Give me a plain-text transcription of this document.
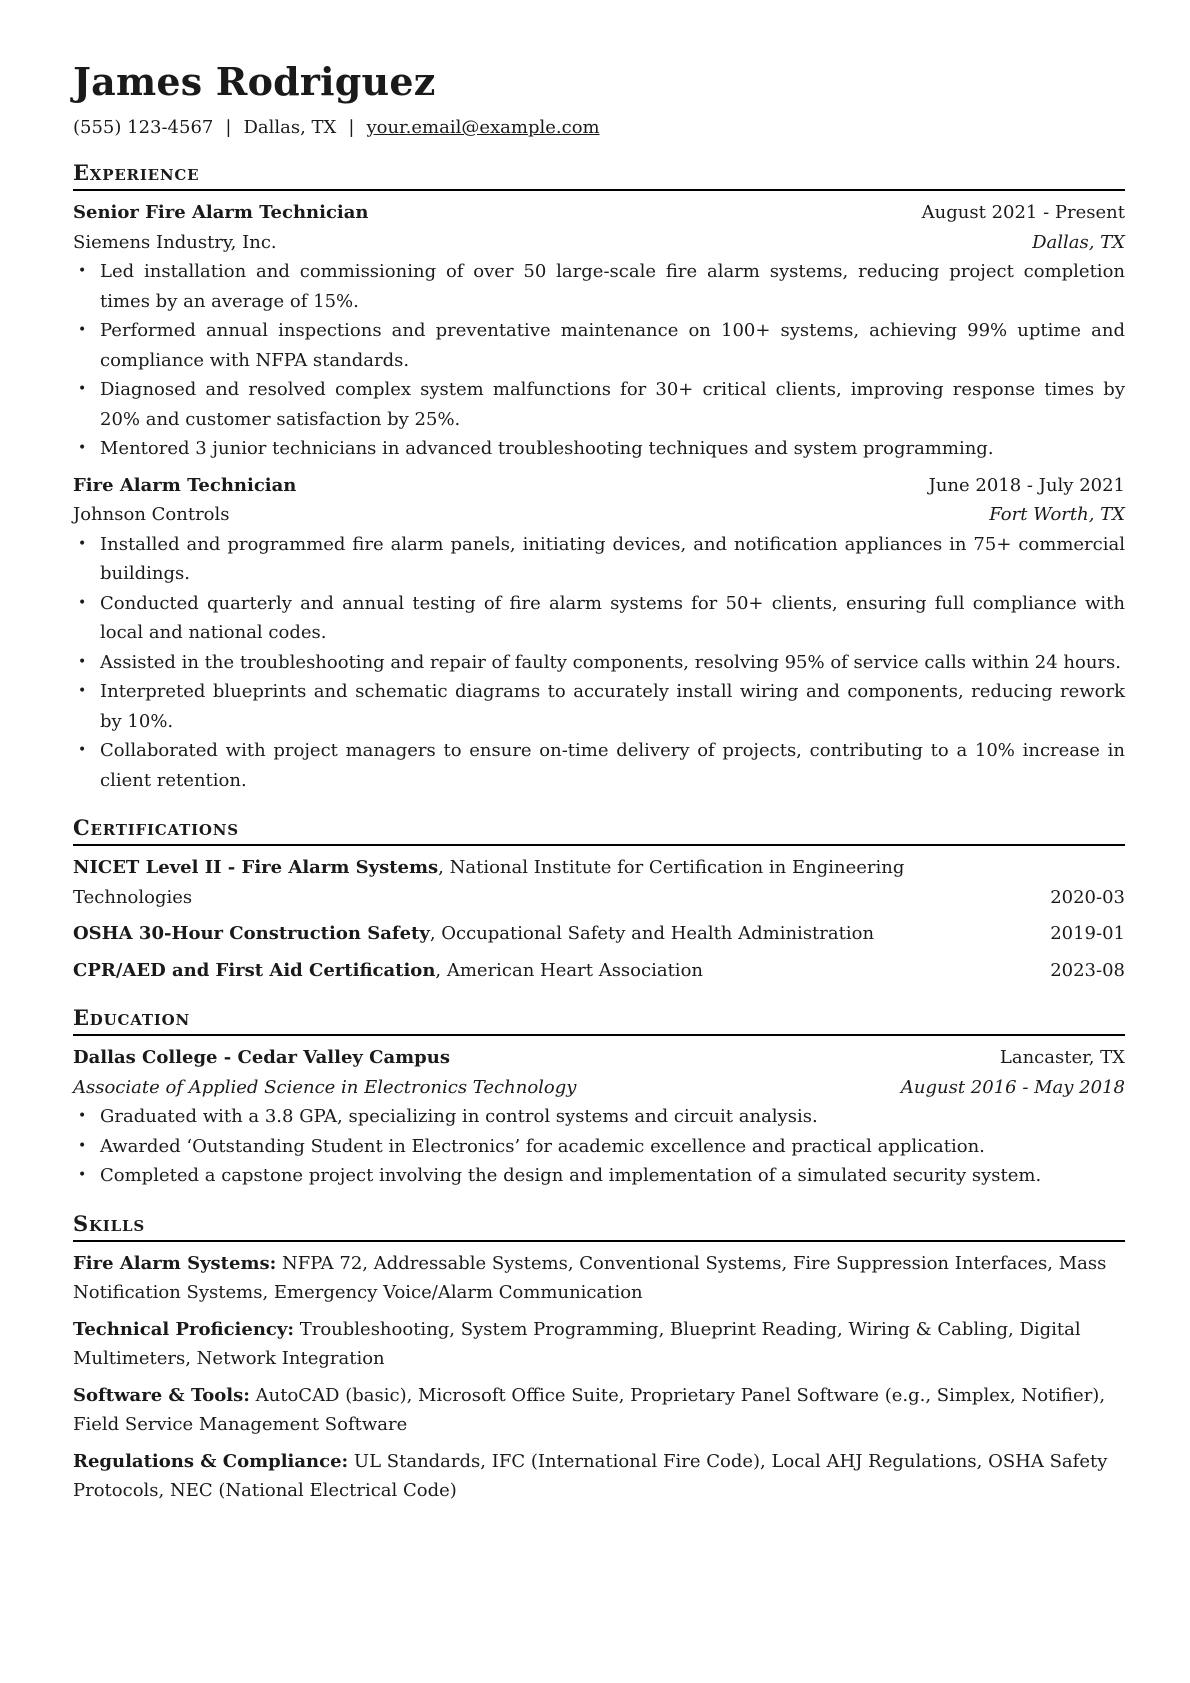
James Rodriguez
(555) 123-4567 | Dallas, TX | your.email@example.com
Experience
Senior Fire Alarm Technician	August 2021 - Present
Siemens Industry, Inc.	Dallas, TX
• Led installation and commissioning of over 50 large-scale fire alarm systems, reducing project completion times by an average of 15%.
• Performed annual inspections and preventative maintenance on 100+ systems, achieving 99% uptime and compliance with NFPA standards.
• Diagnosed and resolved complex system malfunctions for 30+ critical clients, improving response times by 20% and customer satisfaction by 25%.
• Mentored 3 junior technicians in advanced troubleshooting techniques and system programming.
Fire Alarm Technician	June 2018 - July 2021
Johnson Controls	Fort Worth, TX
• Installed and programmed fire alarm panels, initiating devices, and notification appliances in 75+ commercial buildings.
• Conducted quarterly and annual testing of fire alarm systems for 50+ clients, ensuring full compliance with local and national codes.
• Assisted in the troubleshooting and repair of faulty components, resolving 95% of service calls within 24 hours.
• Interpreted blueprints and schematic diagrams to accurately install wiring and components, reducing rework by 10%.
• Collaborated with project managers to ensure on-time delivery of projects, contributing to a 10% increase in client retention.
Certifications
NICET Level II - Fire Alarm Systems, National Institute for Certification in Engineering Technologies	2020-03
OSHA 30-Hour Construction Safety, Occupational Safety and Health Administration	2019-01
CPR/AED and First Aid Certification, American Heart Association	2023-08
Education
Dallas College - Cedar Valley Campus	Lancaster, TX
Associate of Applied Science in Electronics Technology	August 2016 - May 2018
• Graduated with a 3.8 GPA, specializing in control systems and circuit analysis.
• Awarded ‘Outstanding Student in Electronics’ for academic excellence and practical application.
• Completed a capstone project involving the design and implementation of a simulated security system.
Skills
Fire Alarm Systems: NFPA 72, Addressable Systems, Conventional Systems, Fire Suppression Interfaces, Mass Notification Systems, Emergency Voice/Alarm Communication
Technical Proficiency: Troubleshooting, System Programming, Blueprint Reading, Wiring & Cabling, Digital Multimeters, Network Integration
Software & Tools: AutoCAD (basic), Microsoft Office Suite, Proprietary Panel Software (e.g., Simplex, Notifier), Field Service Management Software
Regulations & Compliance: UL Standards, IFC (International Fire Code), Local AHJ Regulations, OSHA Safety Protocols, NEC (National Electrical Code)
